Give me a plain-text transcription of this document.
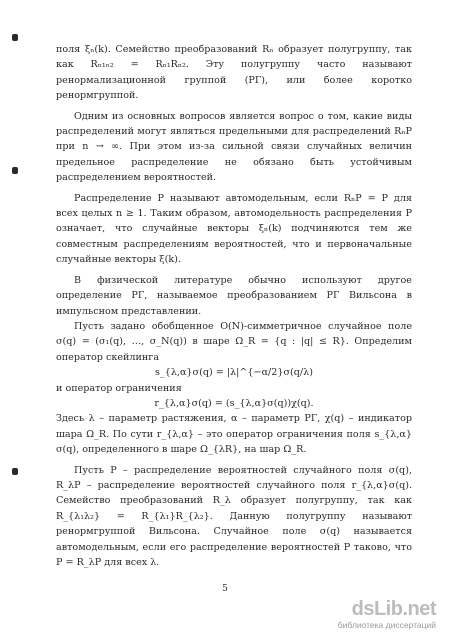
поля ξₙ(k). Семейство преобразований Rₙ образует полугруппу, так как Rₙ₁ₙ₂ = Rₙ₁Rₙ₂. Эту полугруппу часто называют ренормализационной группой (РГ), или более коротко ренормгруппой.

Одним из основных вопросов является вопрос о том, какие виды распределений могут являться предельными для распределений RₙP при n → ∞. При этом из-за сильной связи случайных величин предельное распределение не обязано быть устойчивым распределением вероятностей.

Распределение P называют автомодельным, если RₙP = P для всех целых n ≥ 1. Таким образом, автомодельность распределения P означает, что случайные векторы ξₙ(k) подчиняются тем же совместным распределениям вероятностей, что и первоначальные случайные векторы ξ(k).

В физической литературе обычно используют другое определение РГ, называемое преобразованием РГ Вильсона в импульсном представлении.

Пусть задано обобщенное O(N)-симметричное случайное поле σ(q) = (σ₁(q), …, σ_N(q)) в шаре Ω_R = {q : |q| ≤ R}. Определим оператор скейлинга

s_{λ,α}σ(q) = |λ|^{−α/2}σ(q/λ)

и оператор ограничения

r_{λ,α}σ(q) = (s_{λ,α}σ(q))χ(q).

Здесь λ – параметр растяжения, α – параметр РГ, χ(q) – индикатор шара Ω_R. По сути r_{λ,α} – это оператор ограничения поля s_{λ,α}σ(q), определенного в шаре Ω_{λR}, на шар Ω_R.

Пусть P – распределение вероятностей случайного поля σ(q), R_λP – распределение вероятностей случайного поля r_{λ,α}σ(q). Семейство преобразований R_λ образует полугруппу, так как R_{λ₁λ₂} = R_{λ₁}R_{λ₂}. Данную полугруппу называют ренормгруппой Вильсона. Случайное поле σ(q) называется автомодельным, если его распределение вероятностей P таково, что P = R_λP для всех λ.

5
dsLib.net
библиотека диссертаций
